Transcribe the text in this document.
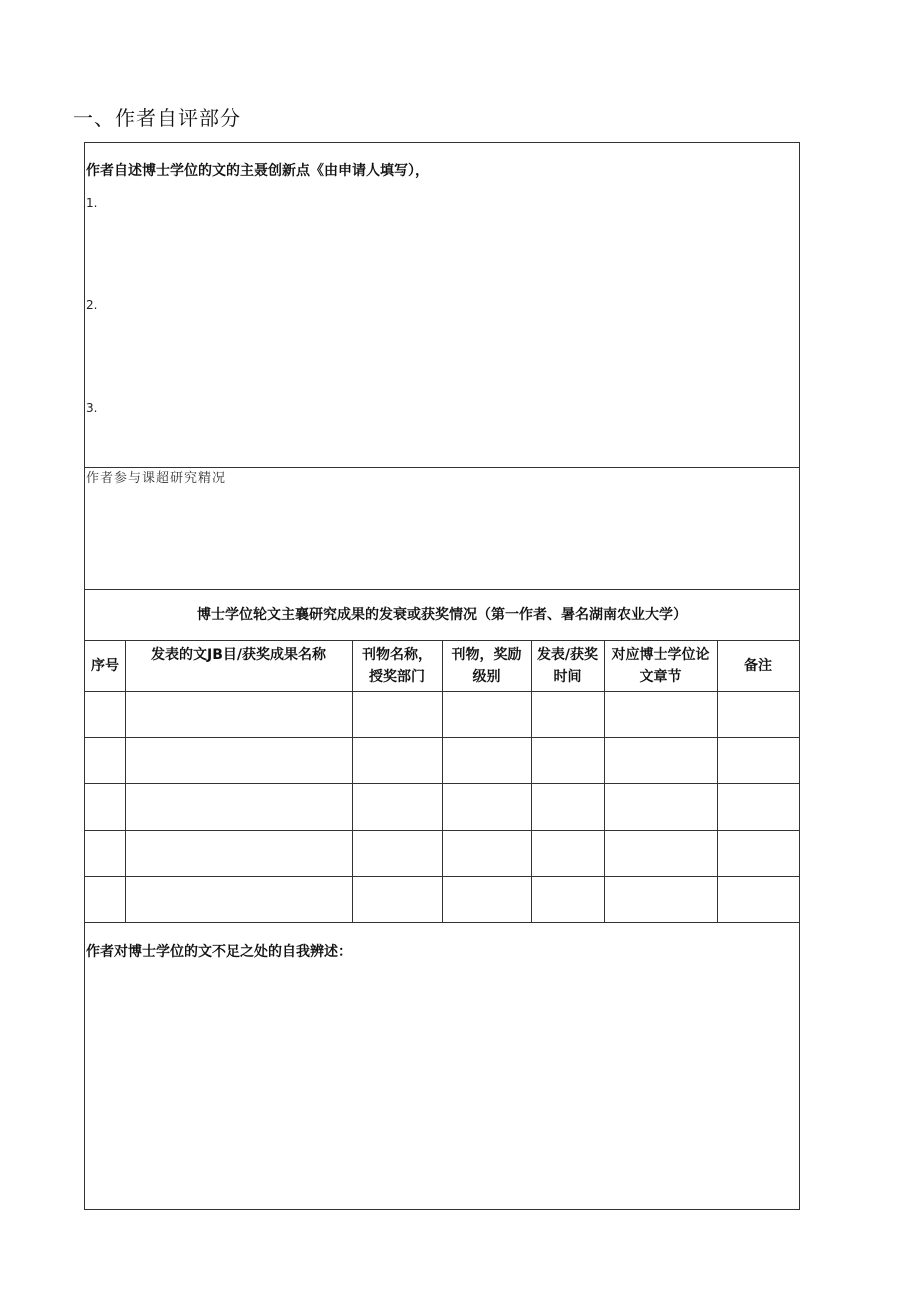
一、作者自评部分
作者自述博士学位的文的主聂创新点《由申请人填写），
1.
2.
3.
作者参与课超研究精况
博士学位轮文主襄研究成果的发衰或获奖情况（第一作者、暑名湖南农业大学）
序号
发表的文JB目/获奖成果名称	刊物名称，
授奖部门
刊物，奖励
级别
发表/获奖
时间
对应博士学位论
文章节
备注
作者对博士学位的文不足之处的自我辨述：
